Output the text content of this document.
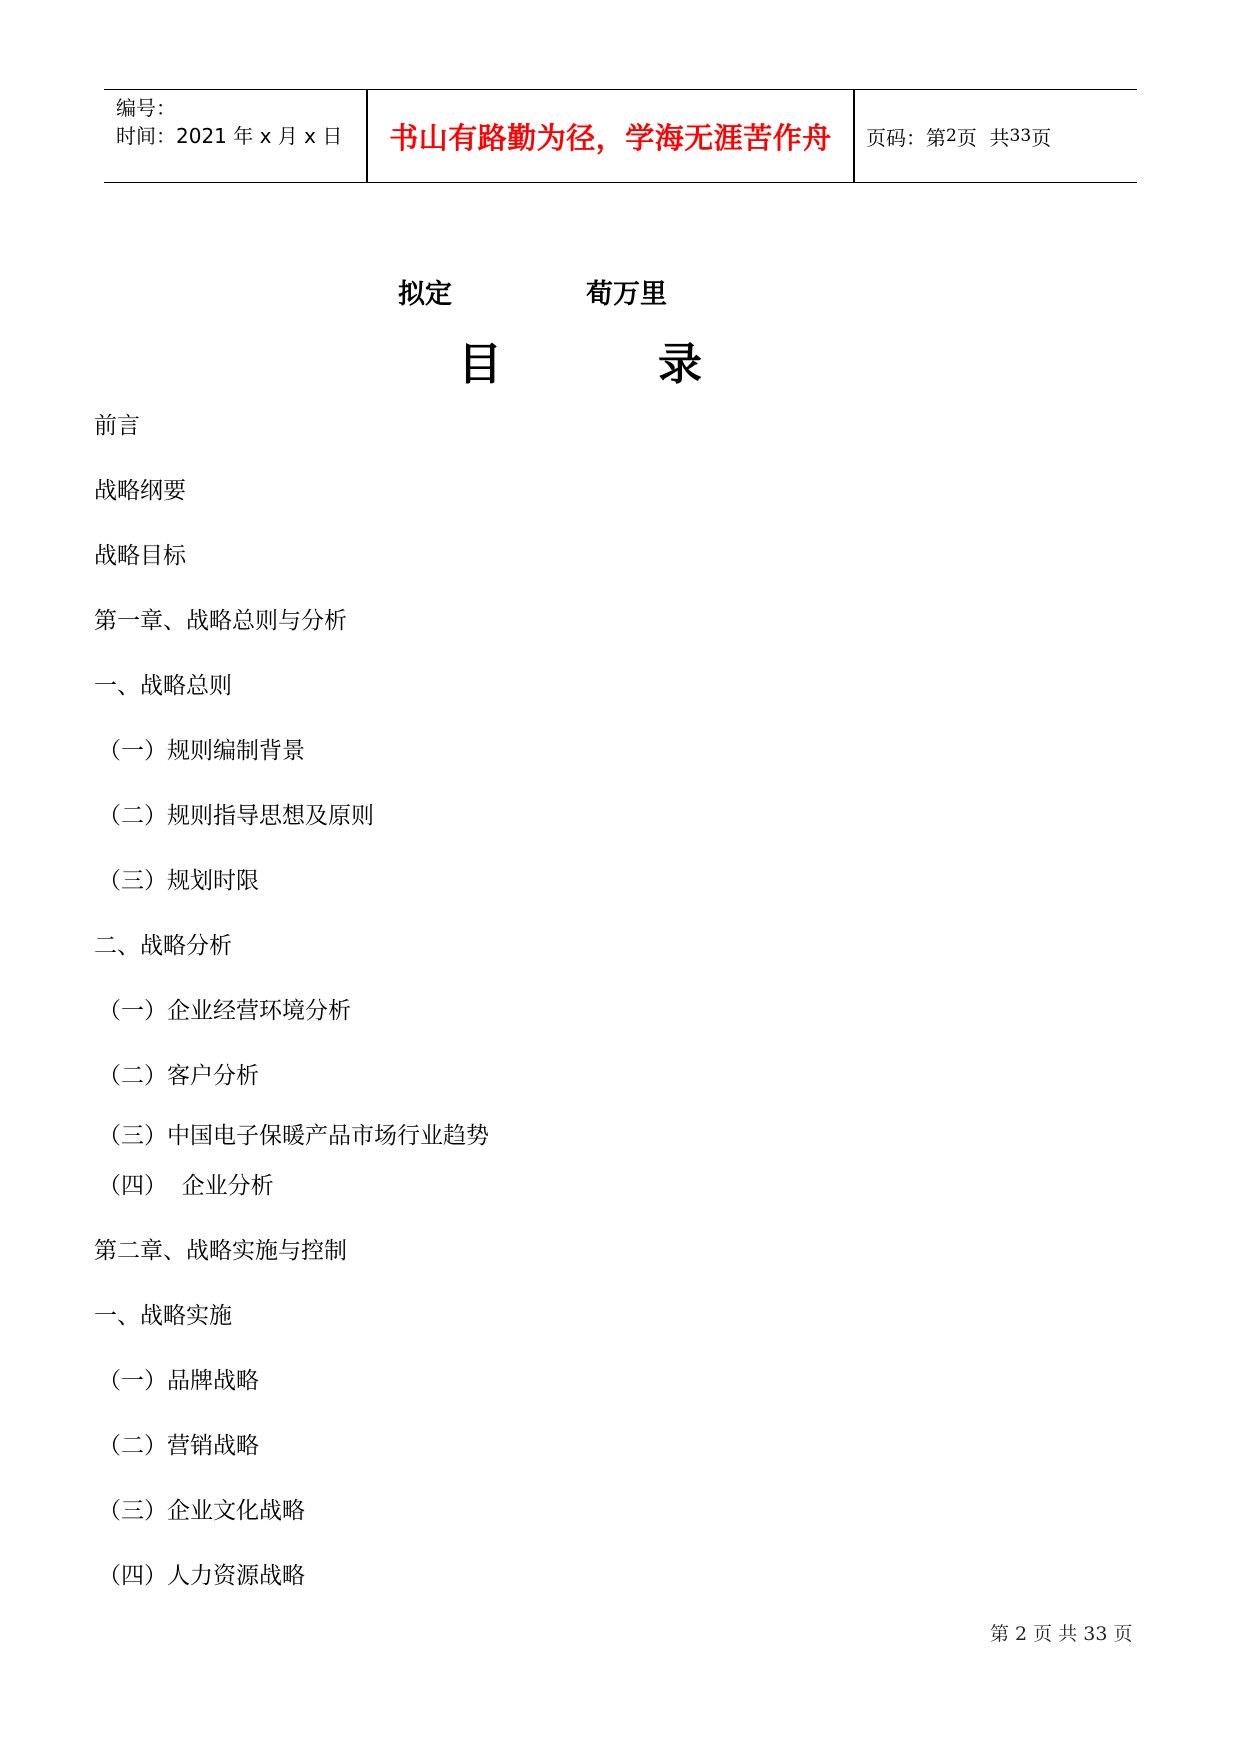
编号：
时间：2021 年 x 月 x 日	书山有路勤为径，学海无涯苦作舟	页码：第 2 页  共 33 页
拟定	荀万里
目	录
前言
战略纲要
战略目标
第一章、战略总则与分析
一、战略总则
（一）规则编制背景
（二）规则指导思想及原则
（三）规划时限
二、战略分析
（一）企业经营环境分析
（二）客户分析
（三）中国电子保暖产品市场行业趋势
（四）  企业分析
第二章、战略实施与控制
一、战略实施
（一）品牌战略
（二）营销战略
（三）企业文化战略
（四）人力资源战略
第 2 页 共 33 页
